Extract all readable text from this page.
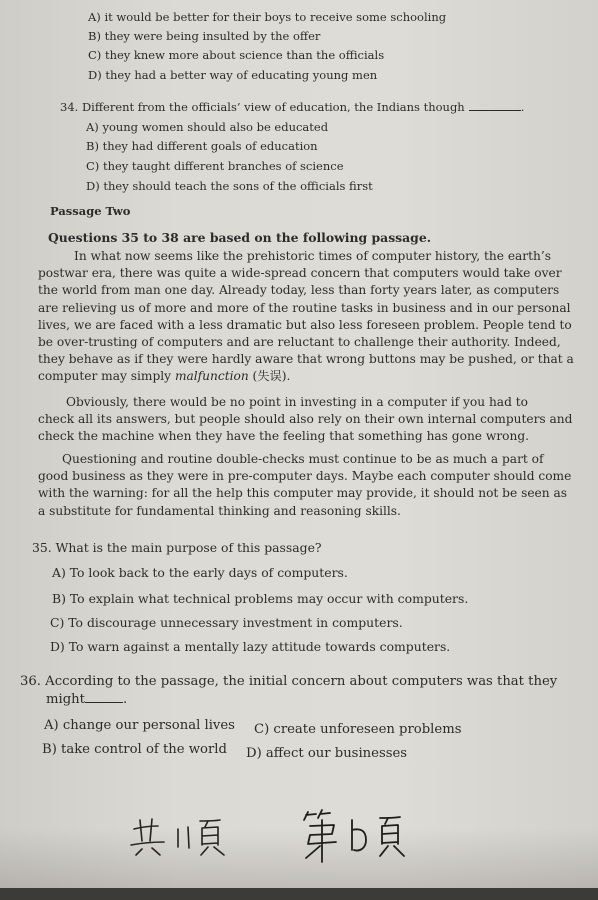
A) it would be better for their boys to receive some schooling
B) they were being insulted by the offer
C) they knew more about science than the officials
D) they had a better way of educating young men
34. Different from the officials’ view of education, the Indians though	.
A) young women should also be educated
B) they had different goals of education
C) they taught different branches of science
D) they should teach the sons of the officials first
Passage Two
Questions 35 to 38 are based on the following passage.
In what now seems like the prehistoric times of computer history, the earth’s
postwar era, there was quite a wide-spread concern that computers would take over
the world from man one day. Already today, less than forty years later, as computers
are relieving us of more and more of the routine tasks in business and in our personal
lives, we are faced with a less dramatic but also less foreseen problem. People tend to
be over-trusting of computers and are reluctant to challenge their authority. Indeed,
they behave as if they were hardly aware that wrong buttons may be pushed, or that a
computer may simply malfunction (失误).
Obviously, there would be no point in investing in a computer if you had to
check all its answers, but people should also rely on their own internal computers and
check the machine when they have the feeling that something has gone wrong.
Questioning and routine double-checks must continue to be as much a part of
good business as they were in pre-computer days. Maybe each computer should come
with the warning: for all the help this computer may provide, it should not be seen as
a substitute for fundamental thinking and reasoning skills.
35. What is the main purpose of this passage?
A) To look back to the early days of computers.
B) To explain what technical problems may occur with computers.
C) To discourage unnecessary investment in computers.
D) To warn against a mentally lazy attitude towards computers.
36. According to the passage, the initial concern about computers was that they
might	.
A) change our personal lives C) create unforeseen problems
B) take control of the world D) affect our businesses
